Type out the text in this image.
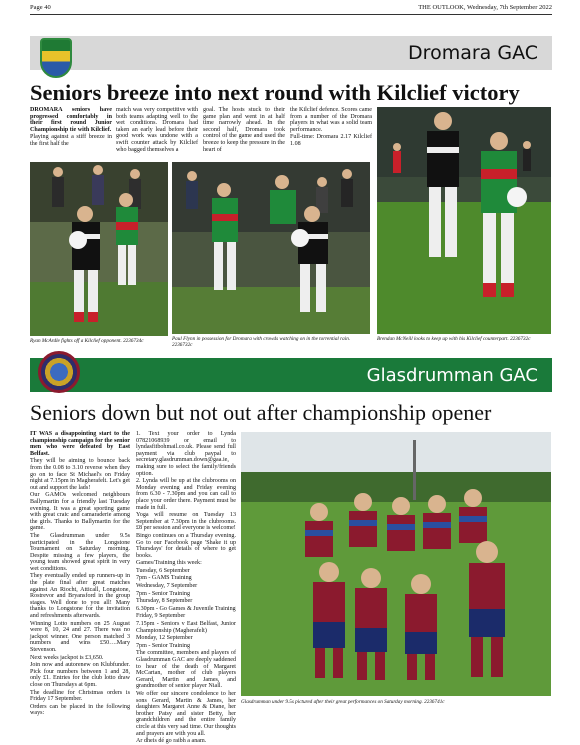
Page 40	THE OUTLOOK, Wednesday, 7th September 2022
Dromara GAC
Seniors breeze into next round with Kilclief victory

DROMARA seniors have progressed comfortably in their first round Junior Championship tie with Kilclief.

Playing against a stiff breeze in the first half the

match was very competitive with both teams adapting well to the wet conditions. Dromara had taken an early lead before their good work was undone with a swift counter attack by Kilclief who bagged themselves a
goal. The hosts stuck to their game plan and went in at half time narrowly ahead. In the second half, Dromara took control of the game and used the breeze to keep the pressure in the heart of

the Kilclief defence. Scores came from a number of the Dromara players in what was a solid team performance.

Full-time: Dromara 2.17 Kilclief 1.08

Ryan McArdle fights off a Kilclief opponent. 2236734c	Paul Flynn in possession for Dromara with crowds watching on in the torrential rain. 2236732c
Brendan McNeill looks to keep up with his Kilclief counterpart. 2236732c
Glasdrumman GAC
Seniors down but not out after championship opener

IT WAS a disappointing start to the championship campaign for the senior men who were defeated by East Belfast.

They will be aiming to bounce back from the 0.08 to 3.10 reverse when they go on to face St Michael's on Friday night at 7.15pm in Magherafelt. Let's get out and support the lads!

Our GAMOs welcomed neighbours Ballymartin for a friendly last Tuesday evening. It was a great sporting game with great craic and camaraderie among the girls. Thanks to Ballymartin for the game.

The Glasdrumman under 9.5s participated in the Longstone Tournament on Saturday morning. Despite missing a few players, the young team showed great spirit in very wet conditions.

They eventually ended up runners-up in the plate final after great matches against An Riocht, Atticall, Longstone, Rostrevor and Bryansford in the group stages. Well done to you all! Many thanks to Longstone for the invitation and refreshments afterwards.

Winning Lotto numbers on 25 August were 8, 10, 24 and 27. There was no jackpot winner. One person matched 3 numbers and wins £50….Mary Stevenson.

Next weeks jackpot is £3,650.

Join now and autorenew on Klubfunder. Pick four numbers between 1 and 28, only £1. Entries for the club lotto draw close on Thursdays at 6pm.

The deadline for Christmas orders is Friday 17 September.

Orders can be placed in the following ways:

1. Text your order to Lynda 07821068939 or email to lyndasfitbohmail.co.uk. Please send full payment via club paypal to secretary.glasdrumman.down@gaa.ie, making sure to select the family/friends option.

2. Lynda will be up at the clubrooms on Monday evening and Friday evening from 6.30 - 7.30pm and you can call to place your order there. Payment must be made in full.

Yoga will resume on Tuesday 13 September at 7.30pm in the clubrooms. £8 per session and everyone is welcome!

Bingo continues on a Thursday evening. Go to our Facebook page 'Shake it up Thursdays' for details of where to get books.

Games/Training this week:

Tuesday, 6 September

7pm - GAMS Training

Wednesday, 7 September

7pm - Senior Training

Thursday, 8 September

6.30pm - Go Games & Juvenile Training

Friday, 9 September

7.15pm - Seniors v East Belfast, Junior Championship (Magherafelt)

Monday, 12 September

7pm - Senior Training

The committee, members and players of Glasdrumman GAC are deeply saddened to hear of the death of Margaret McCartan, mother of club players Gerard, Martin and James, and grandmother of senior player Niall.

We offer our sincere condolence to her sons Gerard, Martin & James, her daughters Margaret Anne & Diane, her brother Patsy and sister Betty, her grandchildren and the entire family circle at this very sad time. Our thoughts and prayers are with you all.

Ar dheis dé go raibh a anam.

Glasdrumman under 9.5s pictured after their great performances on Saturday morning. 2236741c
